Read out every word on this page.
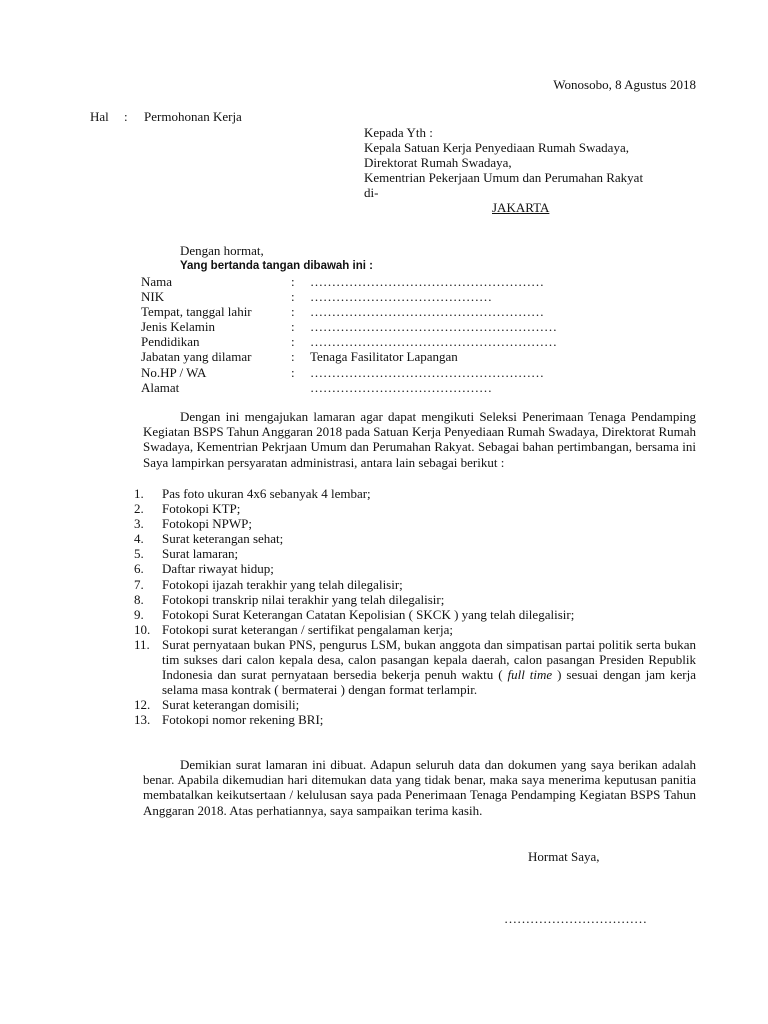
Wonosobo, 8 Agustus 2018
Hal : Permohonan Kerja
Kepada Yth :
Kepala Satuan Kerja Penyediaan Rumah Swadaya,
Direktorat Rumah Swadaya,
Kementrian Pekerjaan Umum dan Perumahan Rakyat
di-
JAKARTA
Dengan hormat,
Yang bertanda tangan dibawah ini :
Nama	: ………………………………………………
NIK	: ……………………………………
Tempat, tanggal lahir	: ………………………………………………
Jenis Kelamin	: …………………………………………………
Pendidikan	: …………………………………………………
Jabatan yang dilamar	: Tenaga Fasilitator Lapangan
No.HP / WA	: ………………………………………………
Alamat	……………………………………
Dengan ini mengajukan lamaran agar dapat mengikuti Seleksi Penerimaan Tenaga Pendamping Kegiatan BSPS Tahun Anggaran 2018 pada Satuan Kerja Penyediaan Rumah Swadaya, Direktorat Rumah Swadaya, Kementrian Pekrjaan Umum dan Perumahan Rakyat. Sebagai bahan pertimbangan, bersama ini Saya lampirkan persyaratan administrasi, antara lain sebagai berikut :
1. Pas foto ukuran 4x6 sebanyak 4 lembar;
2. Fotokopi KTP;
3. Fotokopi NPWP;
4. Surat keterangan sehat;
5. Surat lamaran;
6. Daftar riwayat hidup;
7. Fotokopi ijazah terakhir yang telah dilegalisir;
8. Fotokopi transkrip nilai terakhir yang telah dilegalisir;
9. Fotokopi Surat Keterangan Catatan Kepolisian ( SKCK ) yang telah dilegalisir;
10. Fotokopi surat keterangan / sertifikat pengalaman kerja;
11. Surat pernyataan bukan PNS, pengurus LSM, bukan anggota dan simpatisan partai politik serta bukan tim sukses dari calon kepala desa, calon pasangan kepala daerah, calon pasangan Presiden Republik Indonesia dan surat pernyataan bersedia bekerja penuh waktu ( full time ) sesuai dengan jam kerja selama masa kontrak ( bermaterai ) dengan format terlampir.
12. Surat keterangan domisili;
13. Fotokopi nomor rekening BRI;
Demikian surat lamaran ini dibuat. Adapun seluruh data dan dokumen yang saya berikan adalah benar. Apabila dikemudian hari ditemukan data yang tidak benar, maka saya menerima keputusan panitia membatalkan keikutsertaan / kelulusan saya pada Penerimaan Tenaga Pendamping Kegiatan BSPS Tahun Anggaran 2018. Atas perhatiannya, saya sampaikan terima kasih.
Hormat Saya,
……………………………
